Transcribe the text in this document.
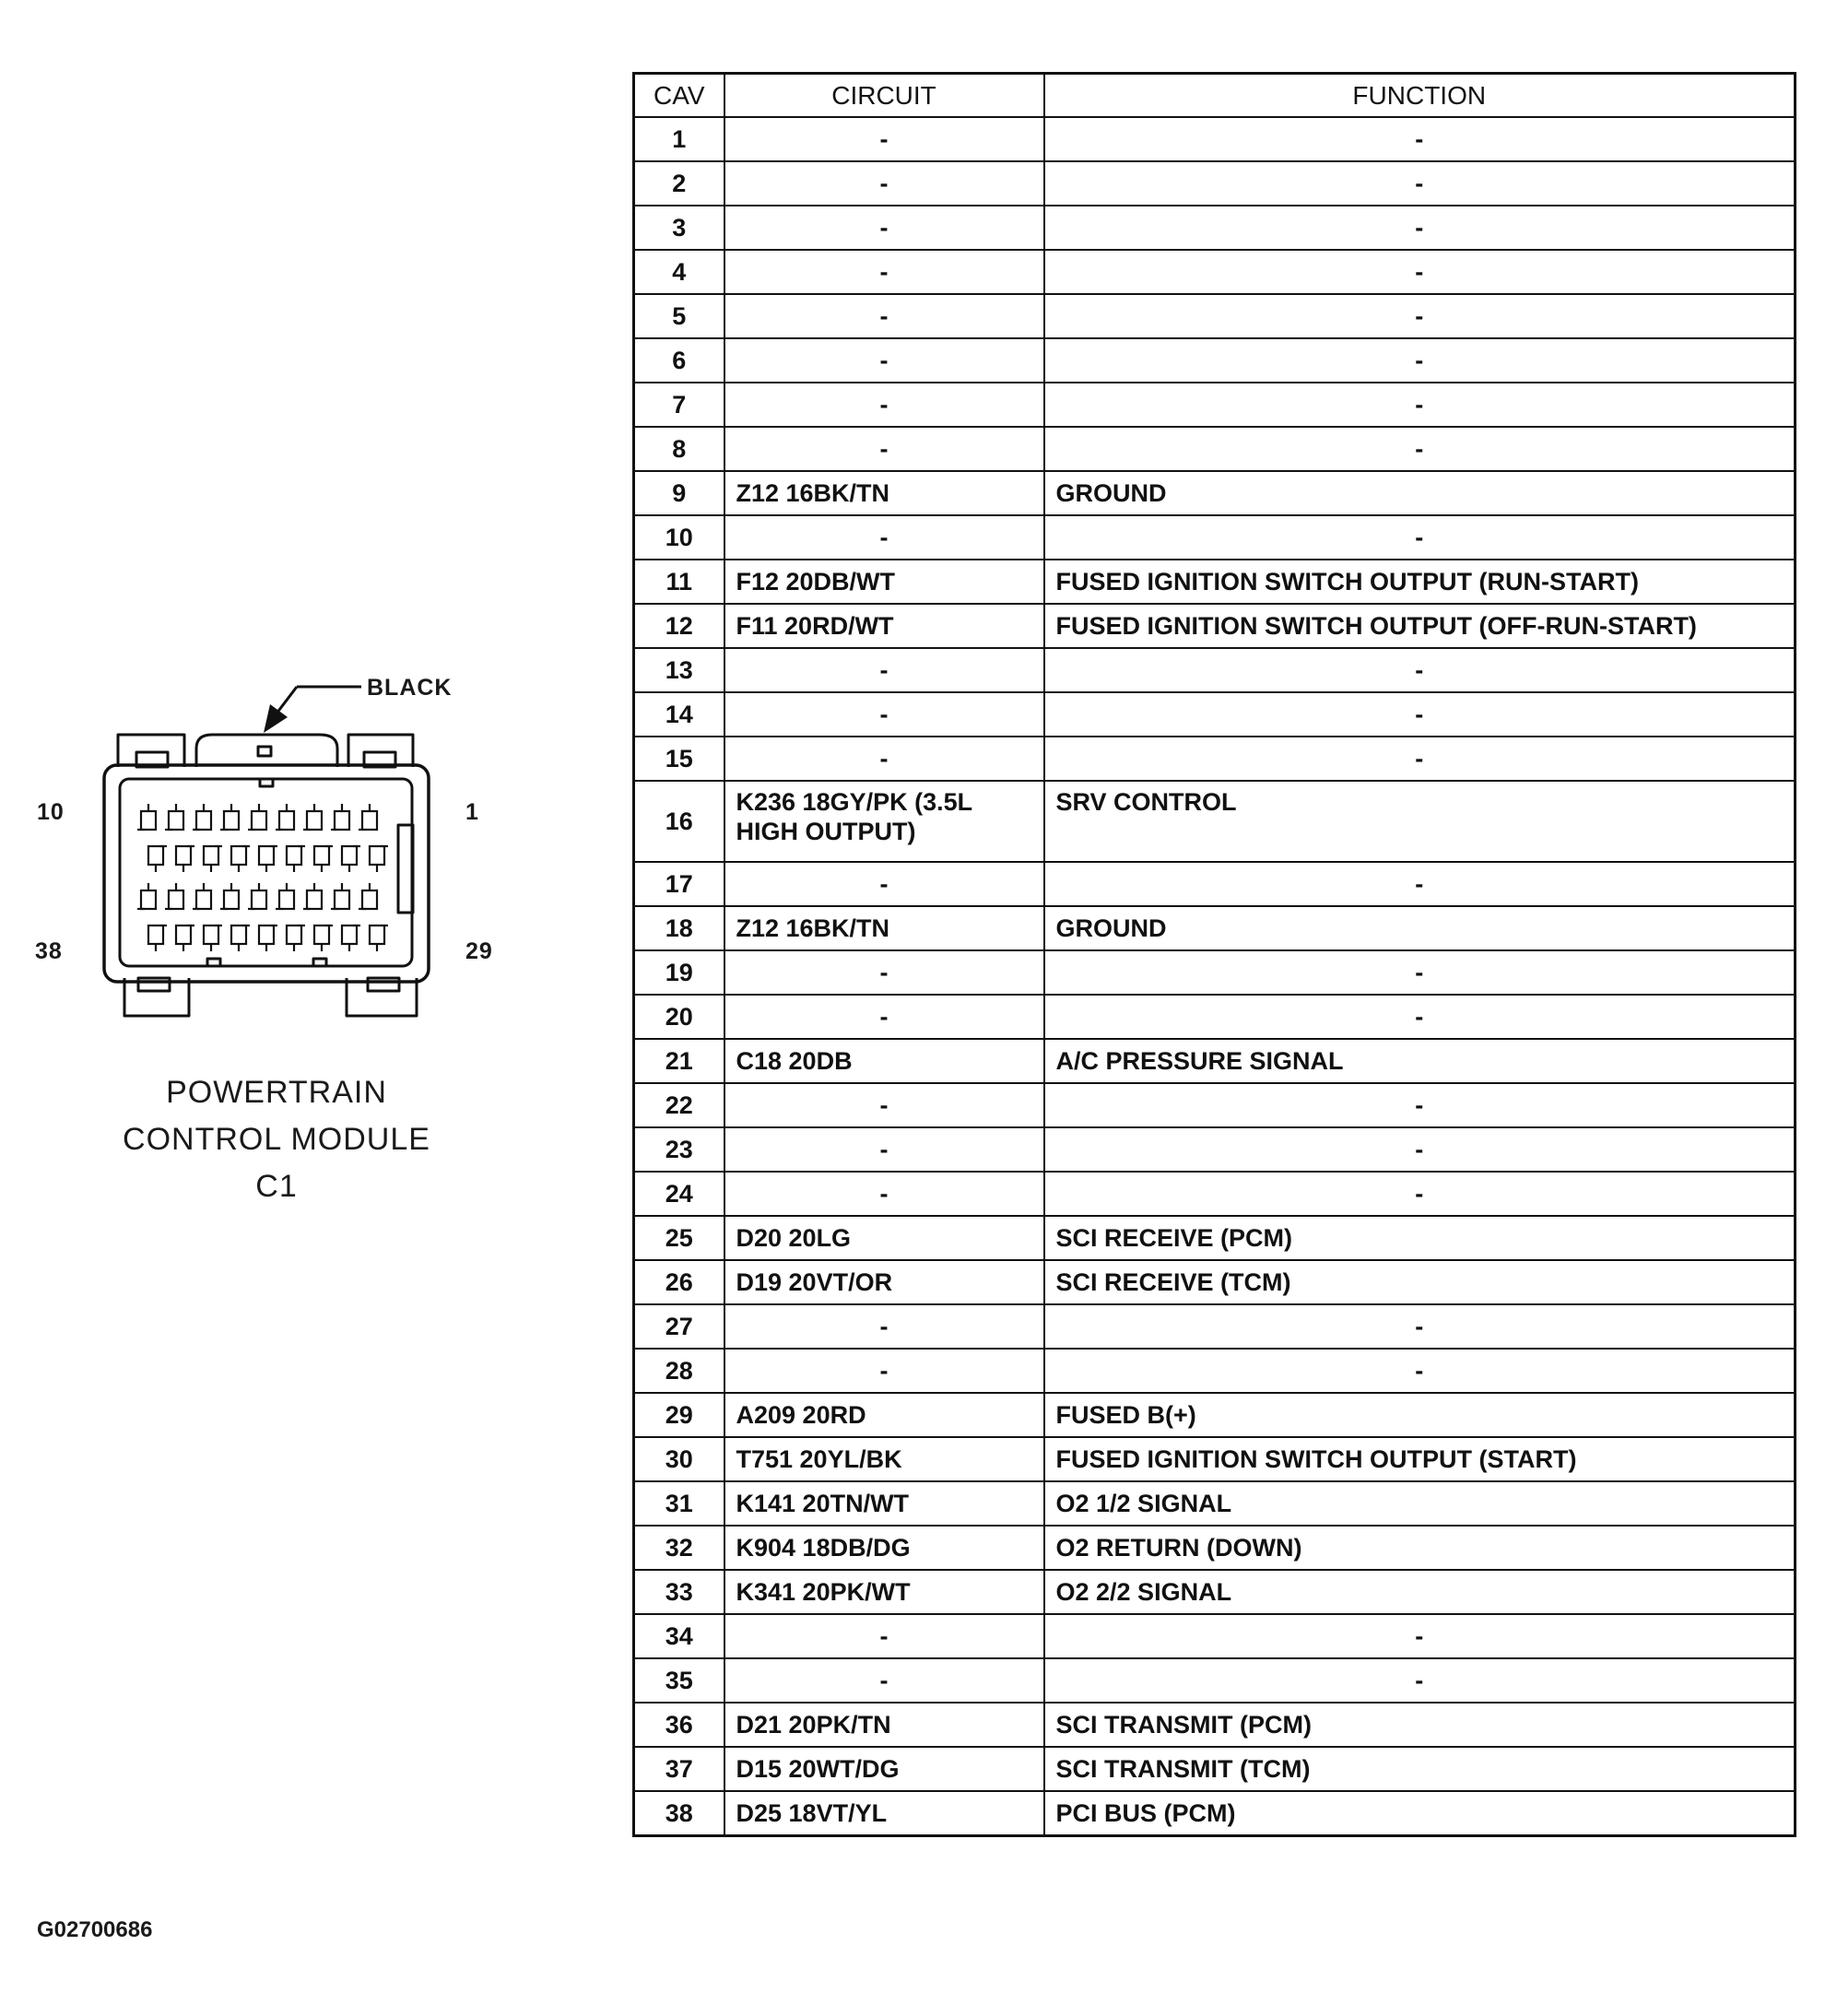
10	1
38	29
BLACK
POWERTRAIN
CONTROL MODULE C1
CAV	CIRCUIT	FUNCTION
1	-	-
2	-	-
3	-	-
4	-	-
5	-	-
6	-	-
7	-	-
8	-	-
9	Z12 16BK/TN	GROUND
10	-	-
11	F12 20DB/WT	FUSED IGNITION SWITCH OUTPUT (RUN-START)
12	F11 20RD/WT	FUSED IGNITION SWITCH OUTPUT (OFF-RUN-START)
13	-	-
14	-	-
15	-	-
16	K236 18GY/PK (3.5L HIGH OUTPUT)	SRV CONTROL
17	-	-
18	Z12 16BK/TN	GROUND
19	-	-
20	-	-
21	C18 20DB	A/C PRESSURE SIGNAL
22	-	-
23	-	-
24	-	-
25	D20 20LG	SCI RECEIVE (PCM)
26	D19 20VT/OR	SCI RECEIVE (TCM)
27	-	-
28	-	-
29	A209 20RD	FUSED B(+)
30	T751 20YL/BK	FUSED IGNITION SWITCH OUTPUT (START)
31	K141 20TN/WT	O2 1/2 SIGNAL
32	K904 18DB/DG	O2 RETURN (DOWN)
33	K341 20PK/WT	O2 2/2 SIGNAL
34	-	-
35	-	-
36	D21 20PK/TN	SCI TRANSMIT (PCM)
37	D15 20WT/DG	SCI TRANSMIT (TCM)
38	D25 18VT/YL	PCI BUS (PCM)
G02700686
